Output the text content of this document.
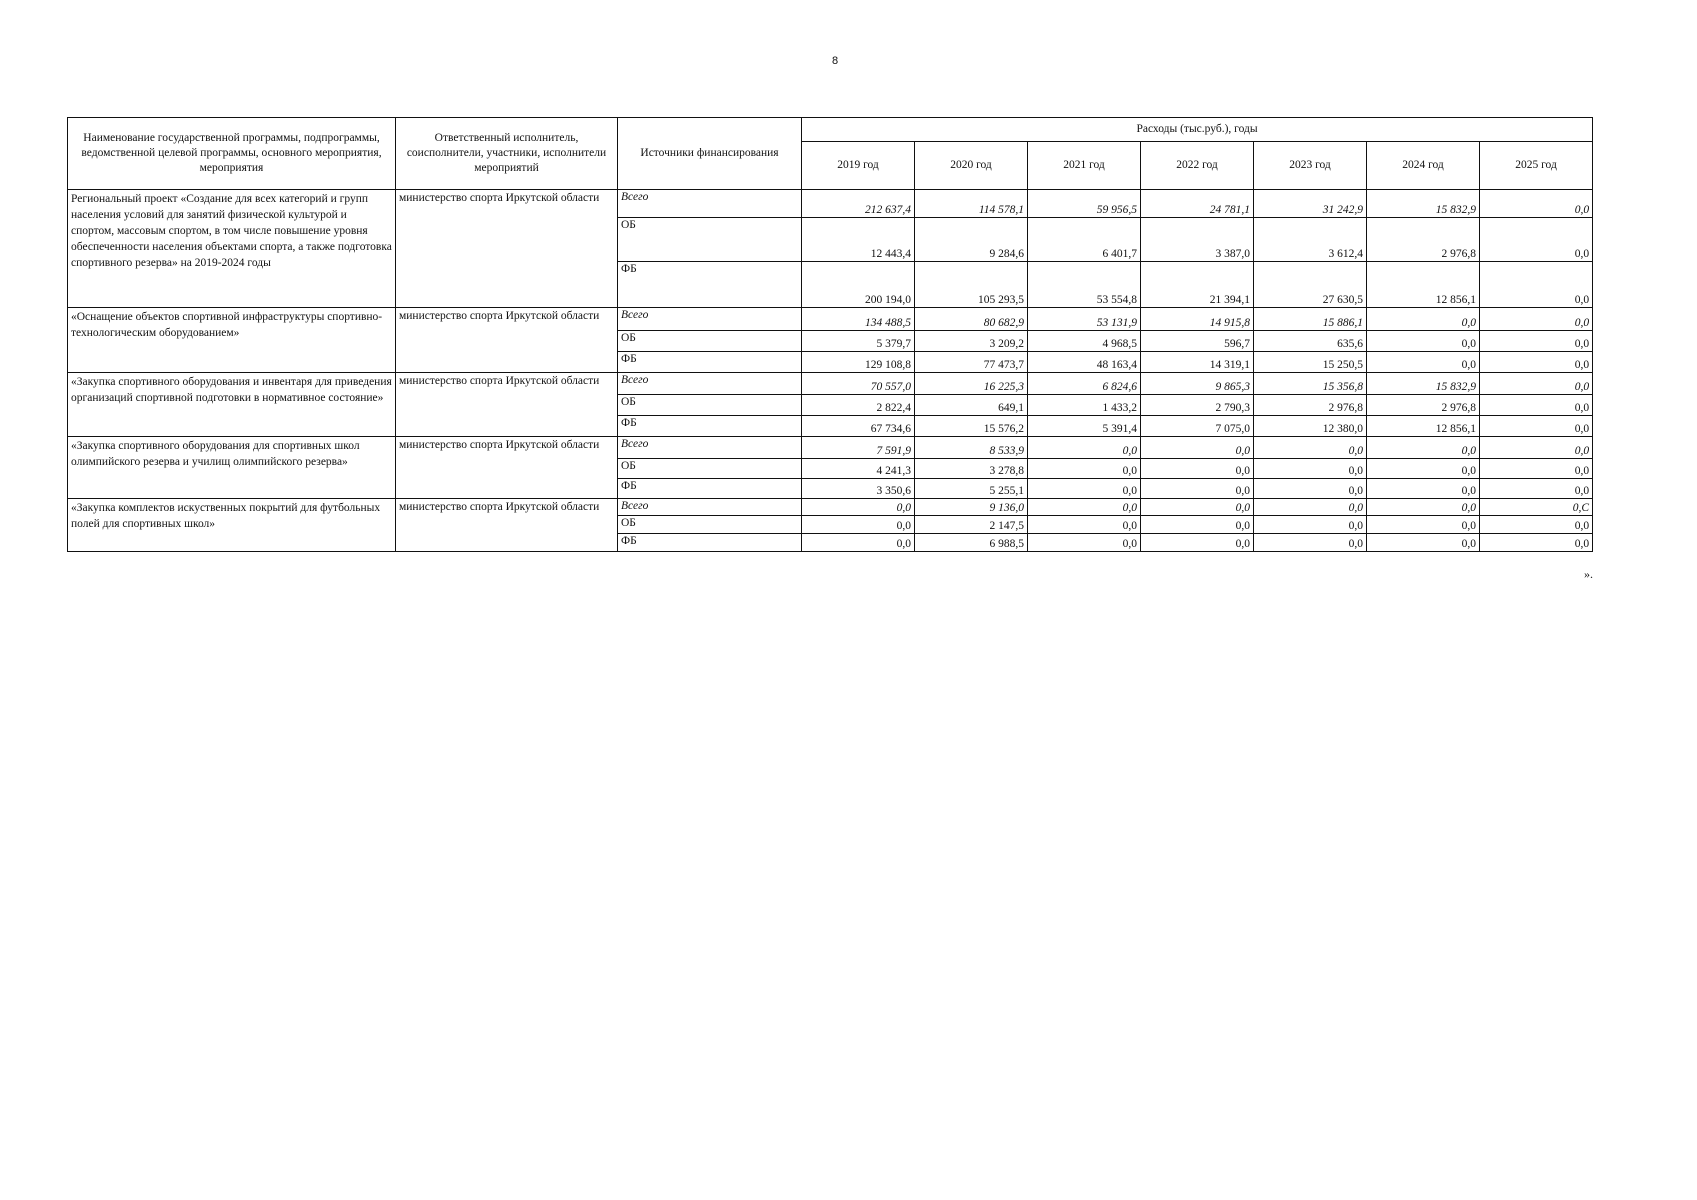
8
Наименование государственной программы, подпрограммы, ведомственной целевой программы, основного мероприятия, мероприятия	Ответственный исполнитель, соисполнители, участники, исполнители мероприятий	Источники финансирования	Расходы (тыс.руб.), годы						
			2019 год	2020 год	2021 год	2022 год	2023 год	2024 год	2025 год
Региональный проект «Создание для всех категорий и групп населения условий для занятий физической культурой и спортом, массовым спортом, в том числе повышение уровня обеспеченности населения объектами спорта, а также подготовка спортивного резерва» на 2019-2024 годы	министерство спорта Иркутской области	Всего	212 637,4	114 578,1	59 956,5	24 781,1	31 242,9	15 832,9	0,0
		ОБ	12 443,4	9 284,6	6 401,7	3 387,0	3 612,4	2 976,8	0,0
		ФБ	200 194,0	105 293,5	53 554,8	21 394,1	27 630,5	12 856,1	0,0
«Оснащение объектов спортивной инфраструктуры спортивно-технологическим оборудованием»	министерство спорта Иркутской области	Всего	134 488,5	80 682,9	53 131,9	14 915,8	15 886,1	0,0	0,0
		ОБ	5 379,7	3 209,2	4 968,5	596,7	635,6	0,0	0,0
		ФБ	129 108,8	77 473,7	48 163,4	14 319,1	15 250,5	0,0	0,0
«Закупка спортивного оборудования и инвентаря для приведения организаций спортивной подготовки в нормативное состояние»	министерство спорта Иркутской области	Всего	70 557,0	16 225,3	6 824,6	9 865,3	15 356,8	15 832,9	0,0
		ОБ	2 822,4	649,1	1 433,2	2 790,3	2 976,8	2 976,8	0,0
		ФБ	67 734,6	15 576,2	5 391,4	7 075,0	12 380,0	12 856,1	0,0
«Закупка спортивного оборудования для спортивных школ олимпийского резерва и училищ олимпийского резерва»	министерство спорта Иркутской области	Всего	7 591,9	8 533,9	0,0	0,0	0,0	0,0	0,0
		ОБ	4 241,3	3 278,8	0,0	0,0	0,0	0,0	0,0
		ФБ	3 350,6	5 255,1	0,0	0,0	0,0	0,0	0,0
«Закупка комплектов искуственных покрытий для футбольных полей для спортивных школ»	министерство спорта Иркутской области	Всего	0,0	9 136,0	0,0	0,0	0,0	0,0	0,C
		ОБ	0,0	2 147,5	0,0	0,0	0,0	0,0	0,0
		ФБ	0,0	6 988,5	0,0	0,0	0,0	0,0	0,0
».
